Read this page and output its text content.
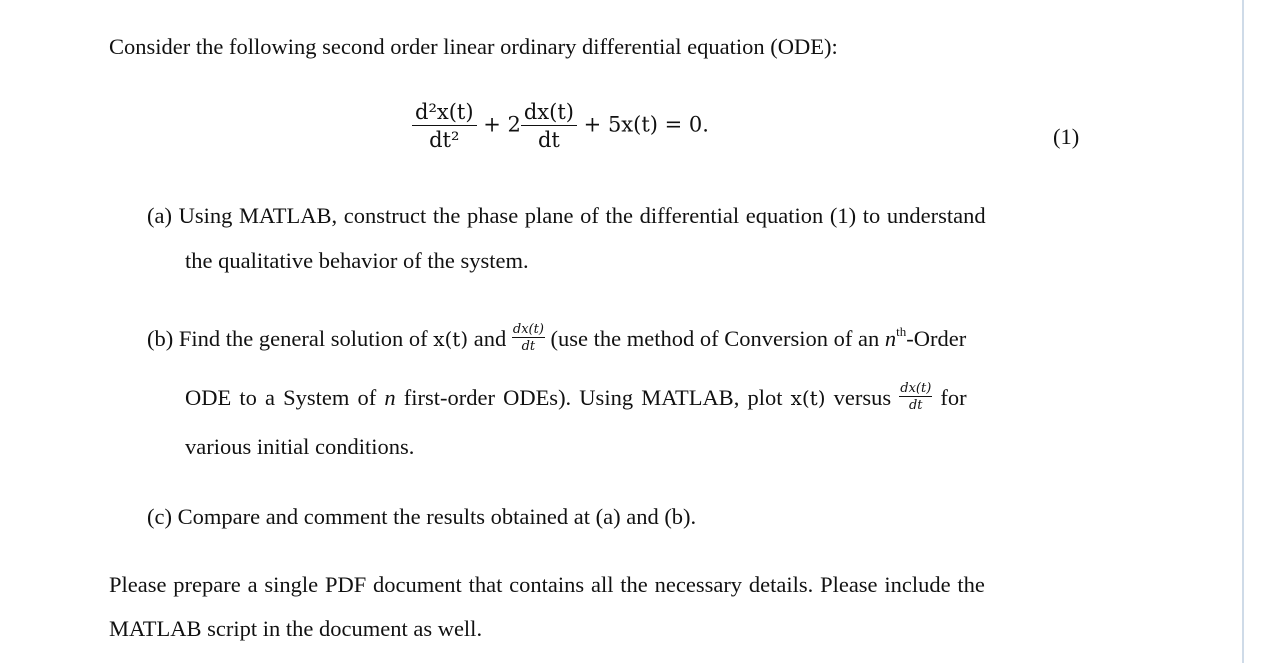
Consider the following second order linear ordinary differential equation (ODE):
$\frac{\text{d²x(t)}}{\text{dt²}} + 2 \frac{dx(t)}{dt} + 5x(t) = 0$.	(1)
(a) Using MATLAB, construct the phase plane of the differential equation (1) to understand
the qualitative behavior of the system.
(b) Find the general solution of x(t) and $\frac{dx(t)}{dt} (use$ the method of Conversion of an $n^{th}$-Order
ODE to a System of n first-order ODEs). Using MATLAB, plot x(t) versus $\frac{dx(t)}{dt}$ for
various initial conditions.
(c) Compare and comment the results obtained at (a) and (b).
Please prepare a single PDF document that contains all the necessary details. Please include the
MATLAB script in the document as well.
